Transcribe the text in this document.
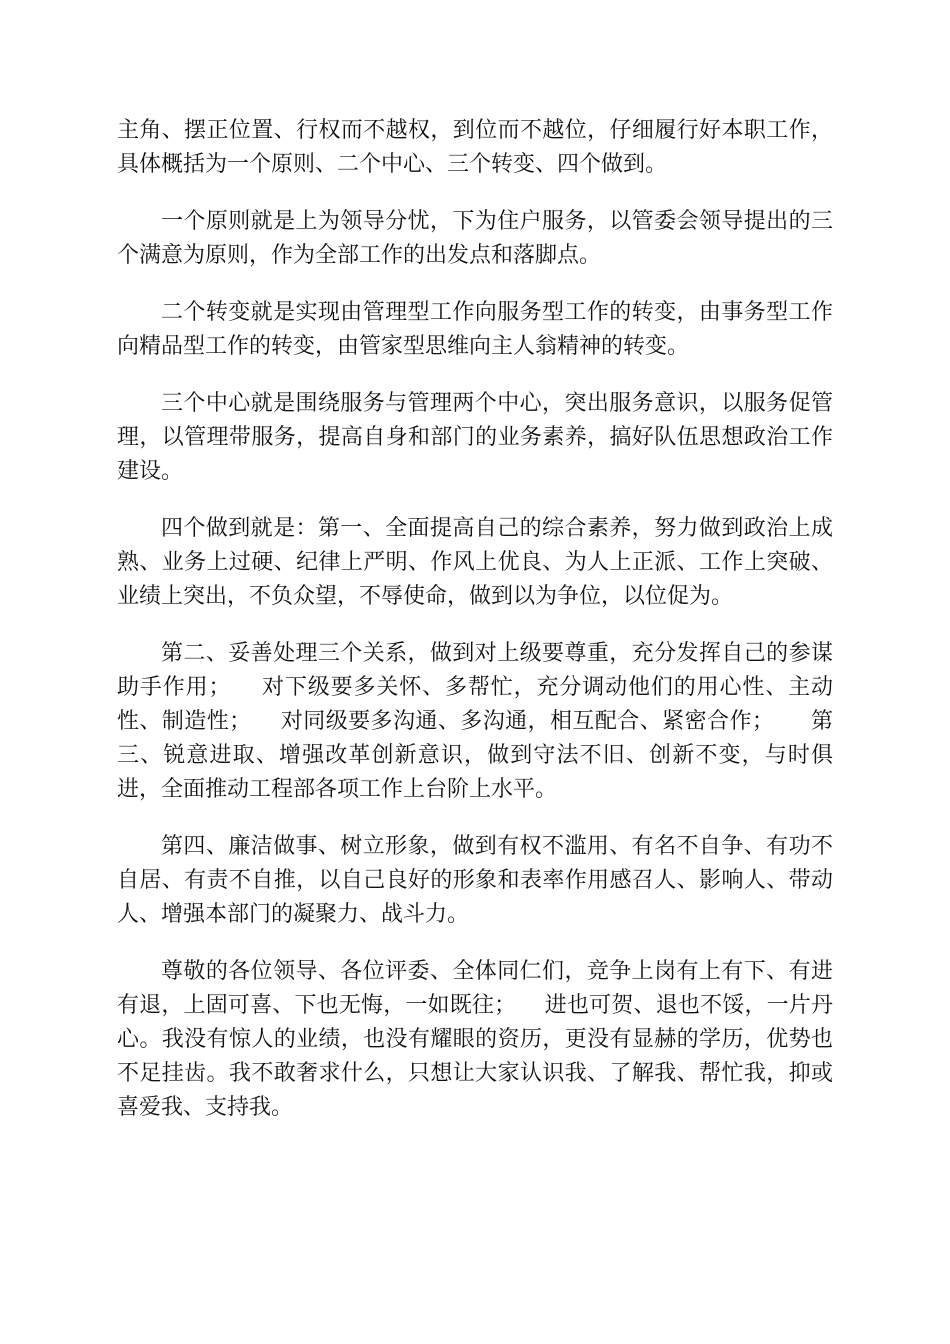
主角、摆正位置、行权而不越权，到位而不越位，仔细履行好本职工作，具体概括为一个原则、二个中心、三个转变、四个做到。

一个原则就是上为领导分忧，下为住户服务，以管委会领导提出的三个满意为原则，作为全部工作的出发点和落脚点。

二个转变就是实现由管理型工作向服务型工作的转变，由事务型工作向精品型工作的转变，由管家型思维向主人翁精神的转变。

三个中心就是围绕服务与管理两个中心，突出服务意识，以服务促管理，以管理带服务，提高自身和部门的业务素养，搞好队伍思想政治工作建设。

四个做到就是：第一、全面提高自己的综合素养，努力做到政治上成熟、业务上过硬、纪律上严明、作风上优良、为人上正派、工作上突破、业绩上突出，不负众望，不辱使命，做到以为争位，以位促为。

第二、妥善处理三个关系，做到对上级要尊重，充分发挥自己的参谋助手作用；    对下级要多关怀、多帮忙，充分调动他们的用心性、主动性、制造性；    对同级要多沟通、多沟通，相互配合、紧密合作；     第三、锐意进取、增强改革创新意识，做到守法不旧、创新不变，与时俱进，全面推动工程部各项工作上台阶上水平。

第四、廉洁做事、树立形象，做到有权不滥用、有名不自争、有功不自居、有责不自推，以自己良好的形象和表率作用感召人、影响人、带动人、增强本部门的凝聚力、战斗力。

尊敬的各位领导、各位评委、全体同仁们，竞争上岗有上有下、有进有退，上固可喜、下也无悔，一如既往；    进也可贺、退也不馁，一片丹心。我没有惊人的业绩，也没有耀眼的资历，更没有显赫的学历，优势也不足挂齿。我不敢奢求什么，只想让大家认识我、了解我、帮忙我，抑或喜爱我、支持我。
